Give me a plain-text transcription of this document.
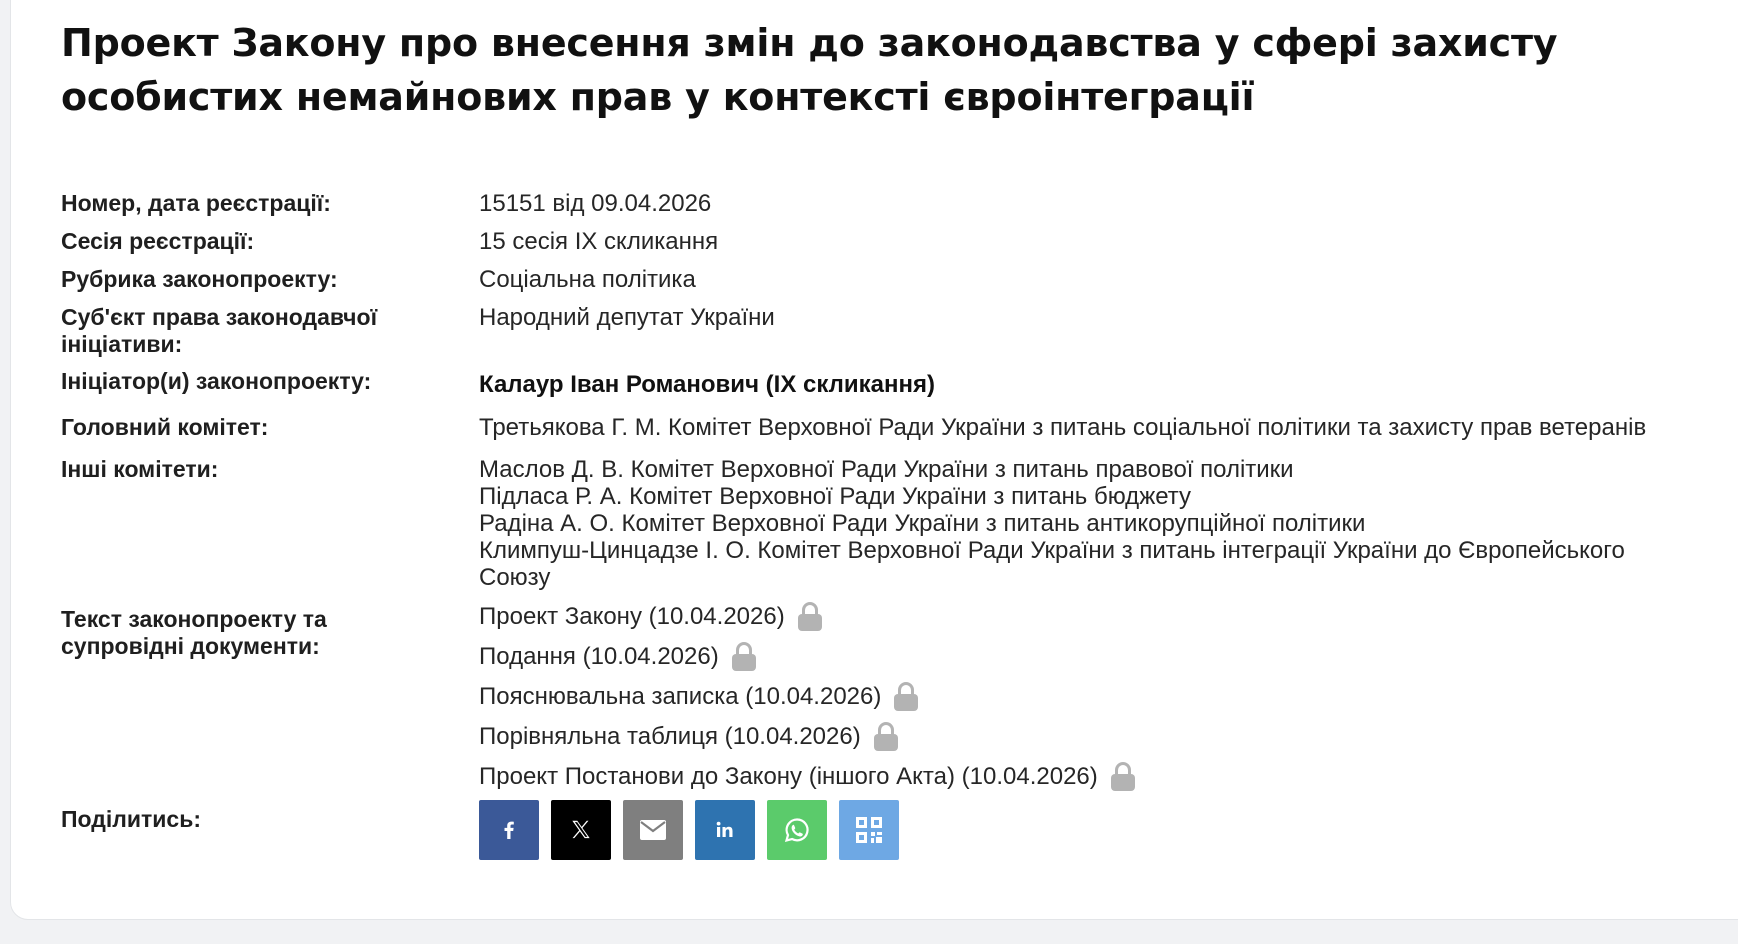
Проект Закону про внесення змін до законодавства у сфері захисту особистих немайнових прав у контексті євроінтеграції
Номер, дата реєстрації:	15151 від 09.04.2026
Сесія реєстрації:	15 сесія IX скликання
Рубрика законопроекту:	Соціальна політика
Суб'єкт права законодавчої ініціативи:
Народний депутат України
Ініціатор(и) законопроекту:	Калаур Іван Романович (IX скликання)
Головний комітет:	Третьякова Г. М. Комітет Верховної Ради України з питань соціальної політики та захисту прав ветеранів
Інші комітети:	Маслов Д. В. Комітет Верховної Ради України з питань правової політики
Підласа Р. А. Комітет Верховної Ради України з питань бюджету
Радіна А. О. Комітет Верховної Ради України з питань антикорупційної політики
Климпуш-Цинцадзе І. О. Комітет Верховної Ради України з питань інтеграції України до Європейського Союзу
Текст законопроекту та супровідні документи:
Проект Закону (10.04.2026)
Подання (10.04.2026)
Пояснювальна записка (10.04.2026)
Порівняльна таблиця (10.04.2026)
Проект Постанови до Закону (іншого Акта) (10.04.2026)
Поділитись:
